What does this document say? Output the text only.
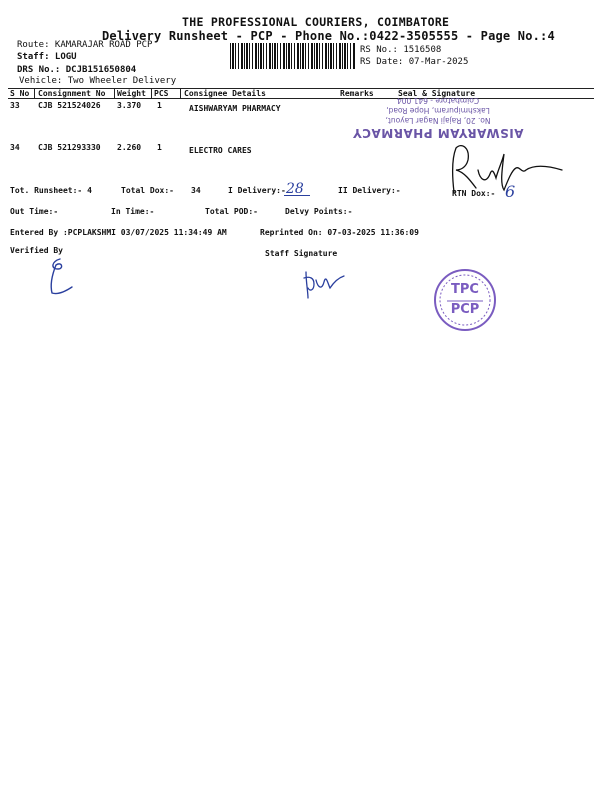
THE PROFESSIONAL COURIERS, COIMBATORE
Delivery Runsheet - PCP - Phone No.:0422-3505555 - Page No.:4
Route: KAMARAJAR ROAD PCP
Staff: LOGU
DRS No.: DCJB151650804
Vehicle: Two Wheeler Delivery
RS No.: 1516508
RS Date: 07-Mar-2025
S No Consignment No Weight PCS Consignee Details	Remarks	Seal & Signature
33 CJB 521524026 3.370 1	AISHWARYAM PHARMACY
34 CJB 521293330 2.260 1	ELECTRO CARES
AISWARYAM PHARMACY
No. 20, Rajaji Nagar Layout,
Lakshmipuram, Hope Road,
Coimbatore - 641 004
Tot. Runsheet:- 4	Total Dox:- 34	I Delivery:- 28	II Delivery:-	RTN Dox:- 6
Out Time:-	In Time:-	Total POD:-	Delvy Points:-
Entered By :PCPLAKSHMI 03/07/2025 11:34:49 AM	Reprinted On: 07-03-2025 11:36:09
Verified By	Staff Signature
TPC
PCP
